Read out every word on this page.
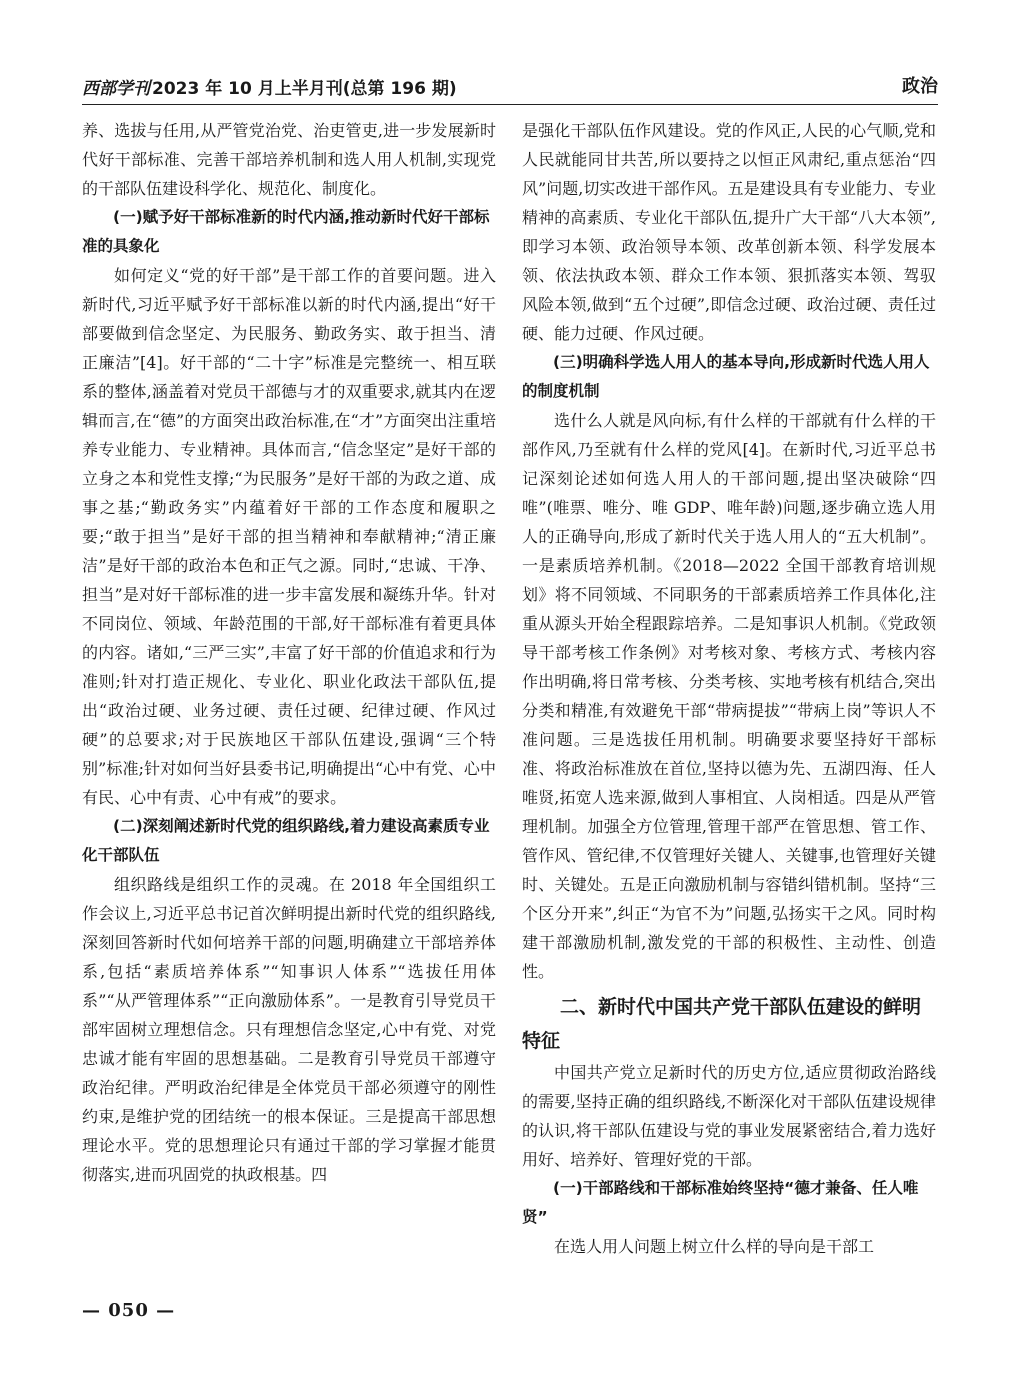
西部学刊 2023 年 10 月上半月刊(总第 196 期)	政治

养、选拔与任用,从严管党治党、治吏管吏,进一步发展新时代好干部标准、完善干部培养机制和选人用人机制,实现党的干部队伍建设科学化、规范化、制度化。

(一)赋予好干部标准新的时代内涵,推动新时代好干部标准的具象化

如何定义“党的好干部”是干部工作的首要问题。进入新时代,习近平赋予好干部标准以新的时代内涵,提出“好干部要做到信念坚定、为民服务、勤政务实、敢于担当、清正廉洁”[4]。好干部的“二十字”标准是完整统一、相互联系的整体,涵盖着对党员干部德与才的双重要求,就其内在逻辑而言,在“德”的方面突出政治标准,在“才”方面突出注重培养专业能力、专业精神。具体而言,“信念坚定”是好干部的立身之本和党性支撑;“为民服务”是好干部的为政之道、成事之基;“勤政务实”内蕴着好干部的工作态度和履职之要;“敢于担当”是好干部的担当精神和奉献精神;“清正廉洁”是好干部的政治本色和正气之源。同时,“忠诚、干净、担当”是对好干部标准的进一步丰富发展和凝练升华。针对不同岗位、领域、年龄范围的干部,好干部标准有着更具体的内容。诸如,“三严三实”,丰富了好干部的价值追求和行为准则;针对打造正规化、专业化、职业化政法干部队伍,提出“政治过硬、业务过硬、责任过硬、纪律过硬、作风过硬”的总要求;对于民族地区干部队伍建设,强调“三个特别”标准;针对如何当好县委书记,明确提出“心中有党、心中有民、心中有责、心中有戒”的要求。

(二)深刻阐述新时代党的组织路线,着力建设高素质专业化干部队伍

组织路线是组织工作的灵魂。在 2018 年全国组织工作会议上,习近平总书记首次鲜明提出新时代党的组织路线,深刻回答新时代如何培养干部的问题,明确建立干部培养体系,包括“素质培养体系”“知事识人体系”“选拔任用体系”“从严管理体系”“正向激励体系”。一是教育引导党员干部牢固树立理想信念。只有理想信念坚定,心中有党、对党忠诚才能有牢固的思想基础。二是教育引导党员干部遵守政治纪律。严明政治纪律是全体党员干部必须遵守的刚性约束,是维护党的团结统一的根本保证。三是提高干部思想理论水平。党的思想理论只有通过干部的学习掌握才能贯彻落实,进而巩固党的执政根基。四

是强化干部队伍作风建设。党的作风正,人民的心气顺,党和人民就能同甘共苦,所以要持之以恒正风肃纪,重点惩治“四风”问题,切实改进干部作风。五是建设具有专业能力、专业精神的高素质、专业化干部队伍,提升广大干部“八大本领”,即学习本领、政治领导本领、改革创新本领、科学发展本领、依法执政本领、群众工作本领、狠抓落实本领、驾驭风险本领,做到“五个过硬”,即信念过硬、政治过硬、责任过硬、能力过硬、作风过硬。

(三)明确科学选人用人的基本导向,形成新时代选人用人的制度机制

选什么人就是风向标,有什么样的干部就有什么样的干部作风,乃至就有什么样的党风[4]。在新时代,习近平总书记深刻论述如何选人用人的干部问题,提出坚决破除“四唯”(唯票、唯分、唯 GDP、唯年龄)问题,逐步确立选人用人的正确导向,形成了新时代关于选人用人的“五大机制”。一是素质培养机制。《2018—2022 全国干部教育培训规划》将不同领域、不同职务的干部素质培养工作具体化,注重从源头开始全程跟踪培养。二是知事识人机制。《党政领导干部考核工作条例》对考核对象、考核方式、考核内容作出明确,将日常考核、分类考核、实地考核有机结合,突出分类和精准,有效避免干部“带病提拔”“带病上岗”等识人不准问题。三是选拔任用机制。明确要求要坚持好干部标准、将政治标准放在首位,坚持以德为先、五湖四海、任人唯贤,拓宽人选来源,做到人事相宜、人岗相适。四是从严管理机制。加强全方位管理,管理干部严在管思想、管工作、管作风、管纪律,不仅管理好关键人、关键事,也管理好关键时、关键处。五是正向激励机制与容错纠错机制。坚持“三个区分开来”,纠正“为官不为”问题,弘扬实干之风。同时构建干部激励机制,激发党的干部的积极性、主动性、创造性。

二、新时代中国共产党干部队伍建设的鲜明特征

中国共产党立足新时代的历史方位,适应贯彻政治路线的需要,坚持正确的组织路线,不断深化对干部队伍建设规律的认识,将干部队伍建设与党的事业发展紧密结合,着力选好用好、培养好、管理好党的干部。

(一)干部路线和干部标准始终坚持“德才兼备、任人唯贤”

在选人用人问题上树立什么样的导向是干部工

— 050 —
